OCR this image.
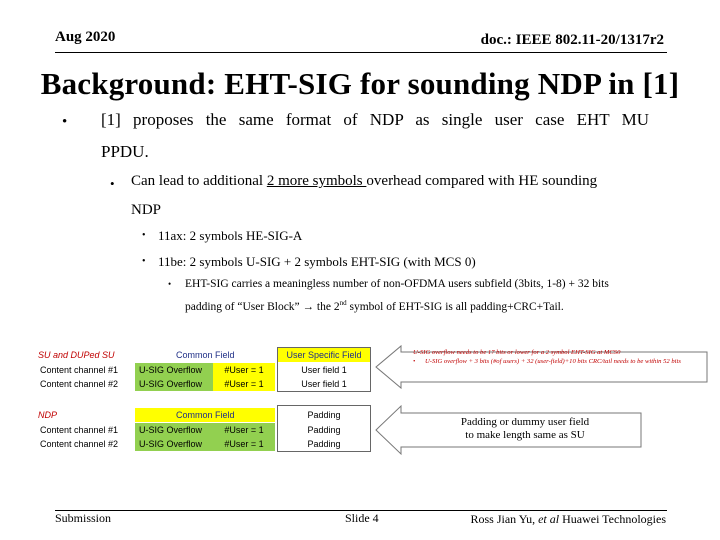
Aug 2020	doc.: IEEE 802.11-20/1317r2
Background: EHT-SIG for sounding NDP in [1]
• [1] proposes the same format of NDP as single user case EHT MU
PPDU.
• Can lead to additional 2 more symbols overhead compared with HE sounding
NDP
• 11ax: 2 symbols HE-SIG-A
• 11be: 2 symbols U-SIG + 2 symbols EHT-SIG (with MCS 0)
• EHT-SIG carries a meaningless number of non-OFDMA users subfield (3bits, 1-8) + 32 bits
padding of “User Block” → the 2nd symbol of EHT-SIG is all padding+CRC+Tail.
SU and DUPed SU	Common Field	User Specific Field
Content channel #1	U-SIG Overflow	#User = 1	User field 1
Content channel #2	U-SIG Overflow	#User = 1	User field 1
NDP	Common Field	Padding
Content channel #1	U-SIG Overflow	#User = 1	Padding
Content channel #2	U-SIG Overflow	#User = 1	Padding
U-SIG overflow needs to be 17 bits or lower for a 2 symbol EHT-SIG at MCS0
•	U-SIG overflow + 3 bits (#of users) + 32 (user-field)+10 bits CRC/tail needs to be within 52 bits
Padding or dummy user field
to make length same as SU
Submission	Slide 4	Ross Jian Yu, et al Huawei Technologies
